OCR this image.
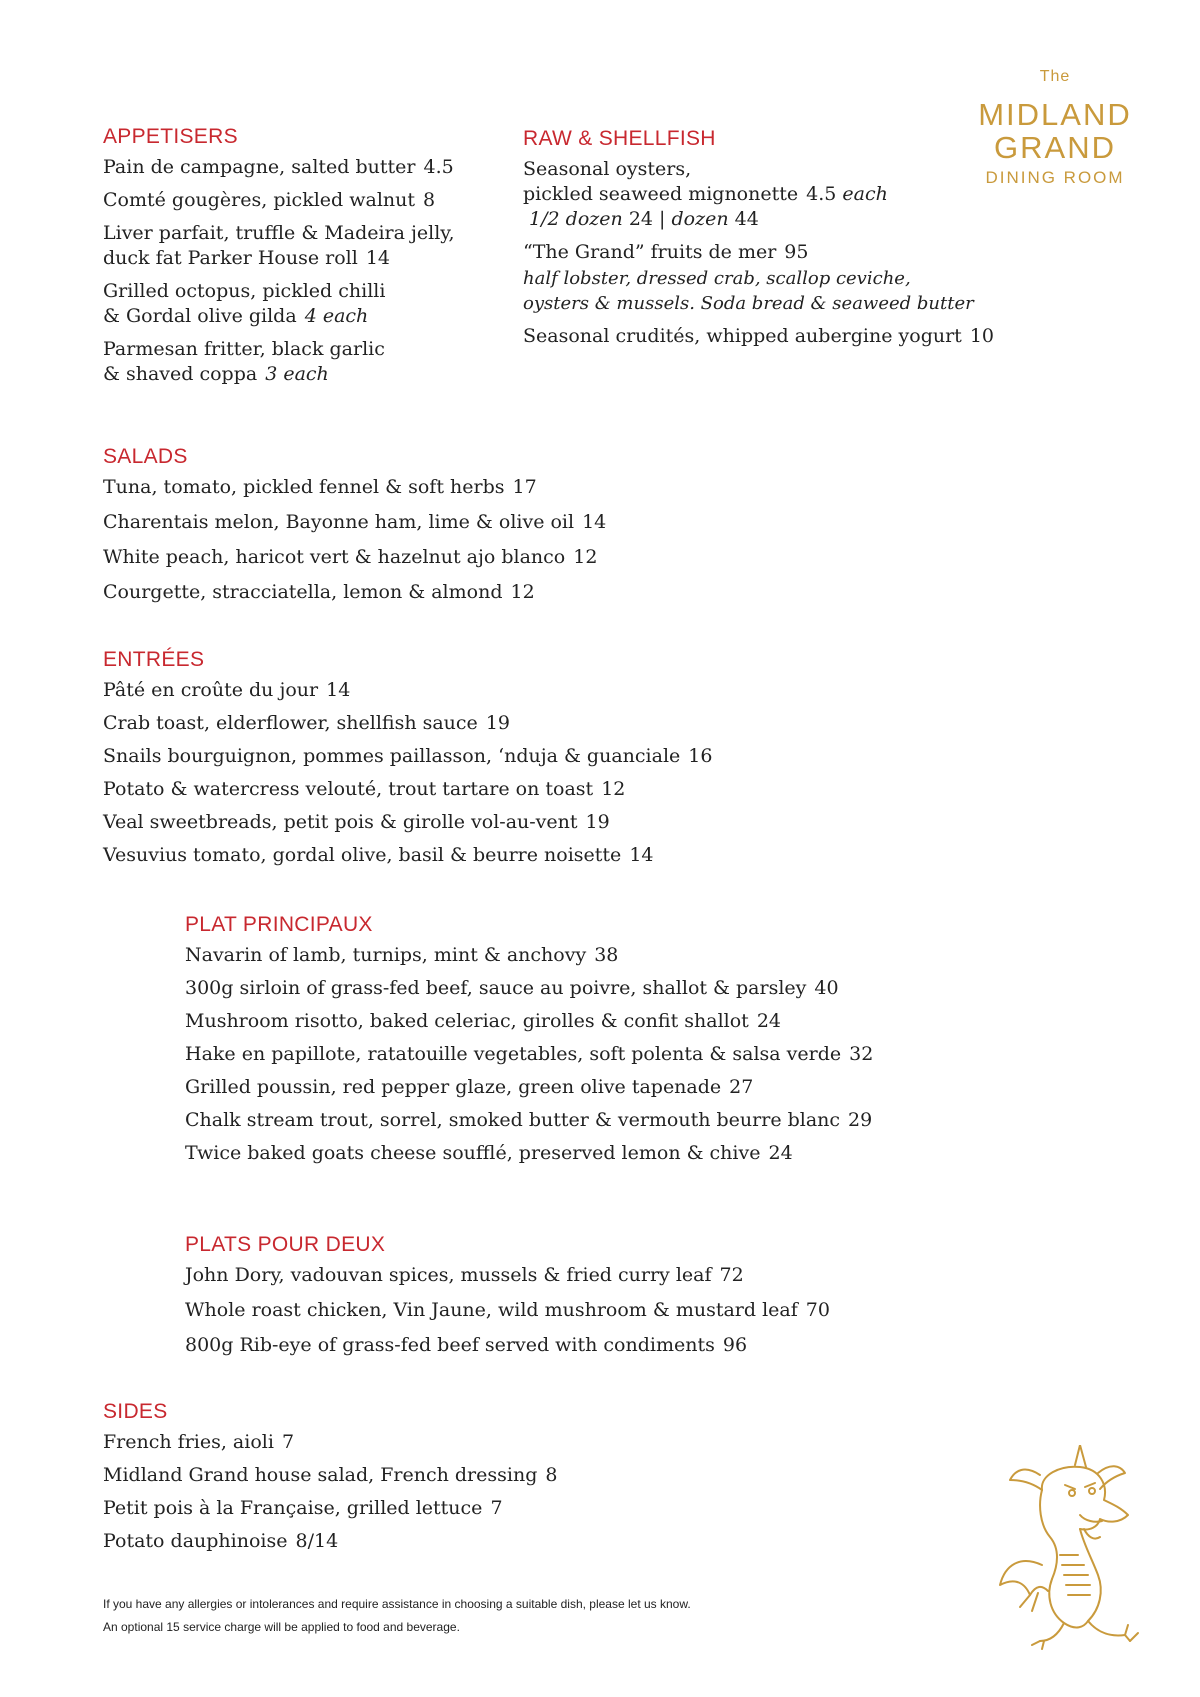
APPETISERS
Pain de campagne, salted butter 4.5
Comté gougères, pickled walnut 8
Liver parfait, truffle & Madeira jelly,
duck fat Parker House roll 14
Grilled octopus, pickled chilli
& Gordal olive gilda 4 each
Parmesan fritter, black garlic
& shaved coppa 3 each
RAW & SHELLFISH
Seasonal oysters,
pickled seaweed mignonette 4.5 each
1/2 dozen 24 | dozen 44
“The Grand” fruits de mer 95
half lobster, dressed crab, scallop ceviche,
oysters & mussels. Soda bread & seaweed butter
Seasonal crudités, whipped aubergine yogurt 10
The
MIDLAND
GRAND
DINING ROOM
SALADS
Tuna, tomato, pickled fennel & soft herbs 17
Charentais melon, Bayonne ham, lime & olive oil 14
White peach, haricot vert & hazelnut ajo blanco 12
Courgette, stracciatella, lemon & almond 12
ENTRÉES
Pâté en croûte du jour 14
Crab toast, elderflower, shellfish sauce 19
Snails bourguignon, pommes paillasson, ‘nduja & guanciale 16
Potato & watercress velouté, trout tartare on toast 12
Veal sweetbreads, petit pois & girolle vol-au-vent 19
Vesuvius tomato, gordal olive, basil & beurre noisette 14
PLAT PRINCIPAUX
Navarin of lamb, turnips, mint & anchovy 38
300g sirloin of grass-fed beef, sauce au poivre, shallot & parsley 40
Mushroom risotto, baked celeriac, girolles & confit shallot 24
Hake en papillote, ratatouille vegetables, soft polenta & salsa verde 32
Grilled poussin, red pepper glaze, green olive tapenade 27
Chalk stream trout, sorrel, smoked butter & vermouth beurre blanc 29
Twice baked goats cheese soufflé, preserved lemon & chive 24
PLATS POUR DEUX
John Dory, vadouvan spices, mussels & fried curry leaf 72
Whole roast chicken, Vin Jaune, wild mushroom & mustard leaf 70
800g Rib-eye of grass-fed beef served with condiments 96
SIDES
French fries, aioli 7
Midland Grand house salad, French dressing 8
Petit pois à la Française, grilled lettuce 7
Potato dauphinoise 8/14
If you have any allergies or intolerances and require assistance in choosing a suitable dish, please let us know.
An optional 15 service charge will be applied to food and beverage.
